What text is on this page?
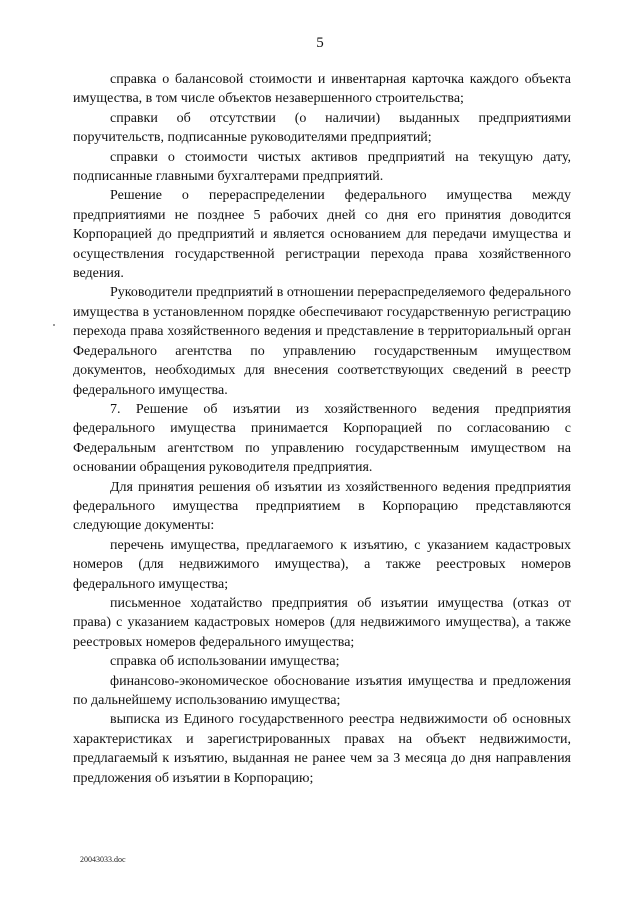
5

справка о балансовой стоимости и инвентарная карточка каждого объекта имущества, в том числе объектов незавершенного строительства;

справки об отсутствии (о наличии) выданных предприятиями поручительств, подписанные руководителями предприятий;

справки о стоимости чистых активов предприятий на текущую дату, подписанные главными бухгалтерами предприятий.

Решение о перераспределении федерального имущества между предприятиями не позднее 5 рабочих дней со дня его принятия доводится Корпорацией до предприятий и является основанием для передачи имущества и осуществления государственной регистрации перехода права хозяйственного ведения.

Руководители предприятий в отношении перераспределяемого федерального имущества в установленном порядке обеспечивают государственную регистрацию перехода права хозяйственного ведения и представление в территориальный орган Федерального агентства по управлению государственным имуществом документов, необходимых для внесения соответствующих сведений в реестр федерального имущества.

7. Решение об изъятии из хозяйственного ведения предприятия федерального имущества принимается Корпорацией по согласованию с Федеральным агентством по управлению государственным имуществом на основании обращения руководителя предприятия.

Для принятия решения об изъятии из хозяйственного ведения предприятия федерального имущества предприятием в Корпорацию представляются следующие документы:

перечень имущества, предлагаемого к изъятию, с указанием кадастровых номеров (для недвижимого имущества), а также реестровых номеров федерального имущества;

письменное ходатайство предприятия об изъятии имущества (отказ от права) с указанием кадастровых номеров (для недвижимого имущества), а также реестровых номеров федерального имущества;

справка об использовании имущества;

финансово-экономическое обоснование изъятия имущества и предложения по дальнейшему использованию имущества;

выписка из Единого государственного реестра недвижимости об основных характеристиках и зарегистрированных правах на объект недвижимости, предлагаемый к изъятию, выданная не ранее чем за 3 месяца до дня направления предложения об изъятии в Корпорацию;

20043033.doc
